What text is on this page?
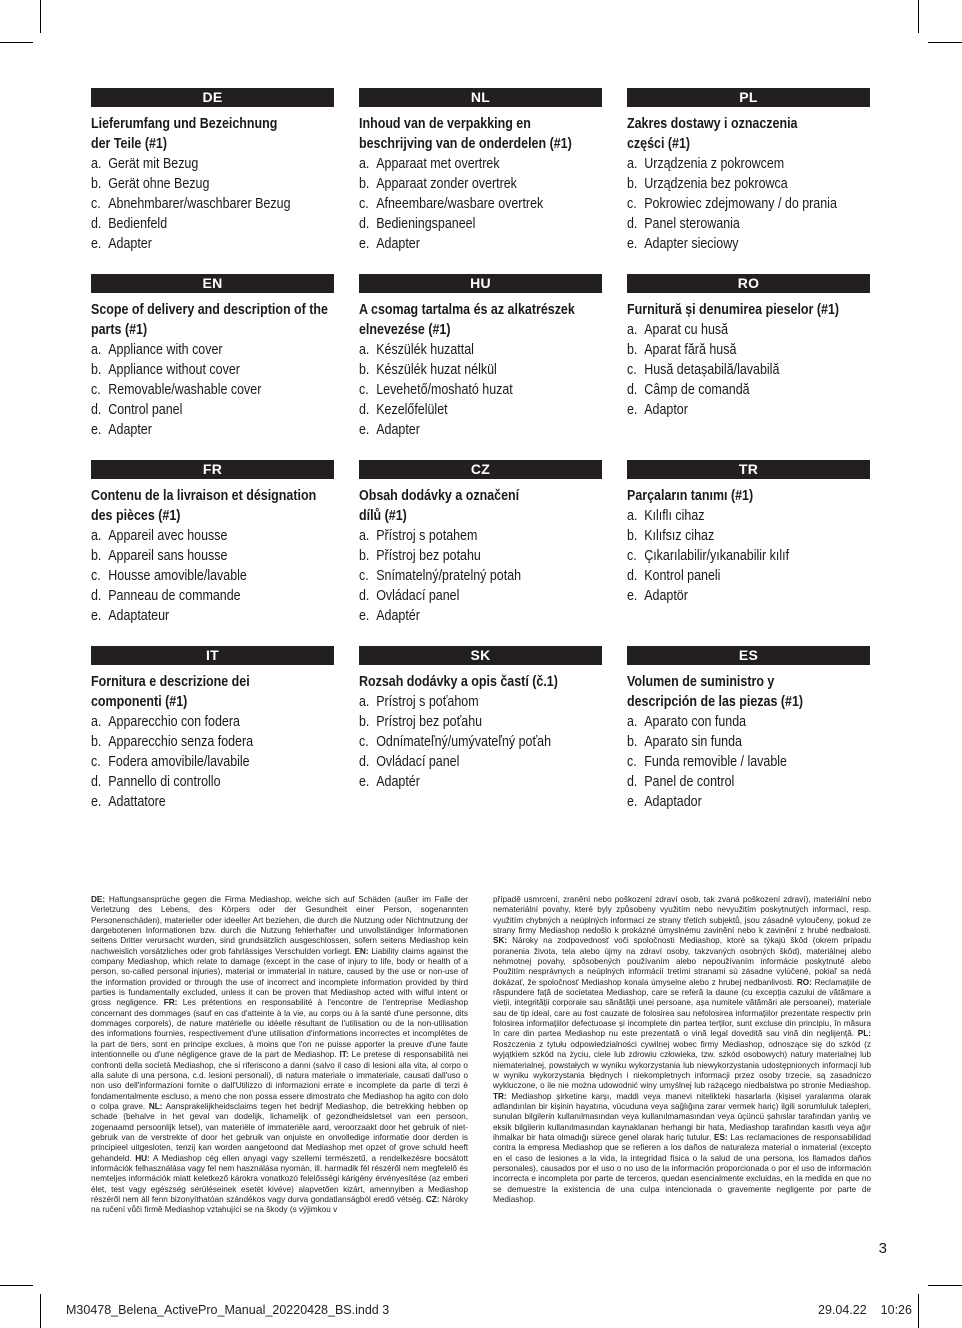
DE
Lieferumfang und Bezeichnung
der Teile (#1)
a. Gerät mit Bezug
b. Gerät ohne Bezug
c. Abnehmbarer/waschbarer Bezug
d. Bedienfeld
e. Adapter
NL
Inhoud van de verpakking en
beschrijving van de onderdelen (#1)
a. Apparaat met overtrek
b. Apparaat zonder overtrek
c. Afneembare/wasbare overtrek
d. Bedieningspaneel
e. Adapter
PL
Zakres dostawy i oznaczenia
części (#1)
a. Urządzenia z pokrowcem
b. Urządzenia bez pokrowca
c. Pokrowiec zdejmowany / do prania
d. Panel sterowania
e. Adapter sieciowy
EN
Scope of delivery and description of the
parts (#1)
a. Appliance with cover
b. Appliance without cover
c. Removable/washable cover
d. Control panel
e. Adapter
HU
A csomag tartalma és az alkatrészek
elnevezése (#1)
a. Készülék huzattal
b. Készülék huzat nélkül
c. Levehető/mosható huzat
d. Kezelőfelület
e. Adapter
RO
Furnitură și denumirea pieselor (#1)
a. Aparat cu husă
b. Aparat fără husă
c. Husă detașabilă/lavabilă
d. Câmp de comandă
e. Adaptor
FR
Contenu de la livraison et désignation
des pièces (#1)
a. Appareil avec housse
b. Appareil sans housse
c. Housse amovible/lavable
d. Panneau de commande
e. Adaptateur
CZ
Obsah dodávky a označení
dílů (#1)
a. Přístroj s potahem
b. Přístroj bez potahu
c. Snímatelný/pratelný potah
d. Ovládací panel
e. Adaptér
TR
Parçaların tanımı (#1)
a. Kılıflı cihaz
b. Kılıfsız cihaz
c. Çıkarılabilir/yıkanabilir kılıf
d. Kontrol paneli
e. Adaptör
IT
Fornitura e descrizione dei
componenti (#1)
a. Apparecchio con fodera
b. Apparecchio senza fodera
c. Fodera amovibile/lavabile
d. Pannello di controllo
e. Adattatore
SK
Rozsah dodávky a opis častí (č.1)
a. Prístroj s poťahom
b. Prístroj bez poťahu
c. Odnímateľný/umývateľný poťah
d. Ovládací panel
e. Adaptér
ES
Volumen de suministro y
descripción de las piezas (#1)
a. Aparato con funda
b. Aparato sin funda
c. Funda removible / lavable
d. Panel de control
e. Adaptador
DE: Haftungsansprüche gegen die Firma Mediashop, welche sich auf Schäden (außer im Falle der Verletzung des Lebens, des Körpers oder der Gesundheit einer Person, sogenannten Personenschäden), materieller oder ideeller Art beziehen, die durch die Nutzung oder Nichtnutzung der dargebotenen Informationen bzw. durch die Nutzung fehlerhafter und unvollständiger Informationen seitens Dritter verursacht wurden, sind grundsätzlich ausgeschlossen, sofern seitens Mediashop kein nachweislich vorsätzliches oder grob fahrlässiges Verschulden vorliegt. EN: Liability claims against the company Mediashop, which relate to damage (except in the case of injury to life, body or health of a person, so-called personal injuries), material or immaterial in nature, caused by the use or non-use of the information provided or through the use of incorrect and incomplete information provided by third parties is fundamentally excluded, unless it can be proven that Mediashop acted with wilful intent or gross negligence. FR: Les prétentions en responsabilité à l'encontre de l'entreprise Mediashop concernant des dommages (sauf en cas d'atteinte à la vie, au corps ou à la santé d'une personne, dits dommages corporels), de nature matérielle ou idéelle résultant de l'utilisation ou de la non-utilisation des informations fournies, respectivement d'une utilisation d'informations incorrectes et incomplètes de la part de tiers, sont en principe exclues, à moins que l'on ne puisse apporter la preuve d'une faute intentionnelle ou d'une négligence grave de la part de Mediashop. IT: Le pretese di responsabilità nei confronti della società Mediashop, che si riferiscono a danni (salvo il caso di lesioni alla vita, al corpo o alla salute di una persona, c.d. lesioni personali), di natura materiale o immateriale, causati dall'uso o non uso dell'informazioni fornite o dall'Utilizzo di informazioni errate e incomplete da parte di terzi è fondamentalmente escluso, a meno che non possa essere dimostrato che Mediashop ha agito con dolo o colpa grave. NL: Aansprakelijkheidsclaims tegen het bedrijf Mediashop, die betrekking hebben op schade (behalve in het geval van dodelijk, lichamelijk of gezondheidsletsel van een persoon, zogenaamd persoonlijk letsel), van materiële of immateriële aard, veroorzaakt door het gebruik of niet-gebruik van de verstrekte of door het gebruik van onjuiste en onvolledige informatie door derden is principieel uitgesloten, tenzij kan worden aangetoond dat Mediashop met opzet of grove schuld heeft gehandeld. HU: A Mediashop cég ellen anyagi vagy szellemi természetű, a rendelkezésre bocsátott információk felhasználása vagy fel nem használása nyomán, ill. harmadik fél részéről nem megfelelő és nemteljes információk miatt keletkező károkra vonatkozó felelősségi kárigény érvényesítése (az emberi élet, test vagy egészség sérüléseinek esetét kivéve) alapvetően kizárt, amennyiben a Mediashop részéről nem áll fenn bizonyíthatóan szándékos vagy durva gondatlanságból eredő vétség. CZ: Nároky na ručení vůči firmě Mediashop vztahující se na škody (s výjimkou v
případě usmrcení, zranění nebo poškození zdraví osob, tak zvaná poškození zdraví), materiální nebo nemateriální povahy, které byly způsobeny využitím nebo nevyužitím poskytnutých informací, resp. využitím chybných a neúplných informací ze strany třetích subjektů, jsou zásadně vyloučeny, pokud ze strany firmy Mediashop nedošlo k prokázné úmyslnému zavinění nebo k zavinění z hrubé nedbalosti. SK: Nároky na zodpovednosť voči spoločnosti Mediashop, ktoré sa týkajú škôd (okrem prípadu poranenia života, tela alebo újmy na zdraví osoby, takzvaných osobných škôd), materiálnej alebo nehmotnej povahy, spôsobených používaním alebo nepoužívaním informácie poskytnuté alebo Použitím nesprávnych a neúplných informácií tretími stranami sú zásadne vylúčené, pokiaľ sa nedá dokázať, že spoločnosť Mediashop konala úmyselne alebo z hrubej nedbanlivosti. RO: Reclamațiile de răspundere față de societatea Mediashop, care se referă la daune (cu excepția cazului de vătămare a vieții, integrității corporale sau sănătății unei persoane, așa numitele vătămări ale persoanei), materiale sau de tip ideal, care au fost cauzate de folosirea sau nefolosirea informațiilor prezentate respectiv prin folosirea informațiilor defectuoase și incomplete din partea terților, sunt excluse din principiu, în măsura în care din partea Mediashop nu este prezentată o vină legal dovedită sau vină din neglijență. PL: Roszczenia z tytułu odpowiedzialności cywilnej wobec firmy Mediashop, odnoszące się do szkód (z wyjątkiem szkód na życiu, ciele lub zdrowiu człowieka, tzw. szkód osobowych) natury materialnej lub niematerialnej, powstałych w wyniku wykorzystania lub niewykorzystania udostępnionych informacji lub w wyniku wykorzystania błędnych i niekompletnych informacji przez osoby trzecie, są zasadniczo wykluczone, o ile nie można udowodnić winy umyślnej lub rażącego niedbalstwa po stronie Mediashop. TR: Mediashop şirketine karşı, maddi veya manevi nitelikteki hasarlarla (kişisel yaralanma olarak adlandırılan bir kişinin hayatına, vücuduna veya sağlığına zarar vermek hariç) ilgili sorumluluk talepleri, sunulan bilgilerin kullanılmasından veya kullanılmamasından veya üçüncü şahıslar tarafından yanlış ve eksik bilgilerin kullanılmasından kaynaklanan herhangi bir hata, Mediashop tarafından kasıtlı veya ağır ihmalkar bir hata olmadığı sürece genel olarak hariç tutulur. ES: Las reclamaciones de responsabilidad contra la empresa Mediashop que se refieren a los daños de naturaleza material o inmaterial (excepto en el caso de lesiones a la vida, la integridad física o la salud de una persona, los llamados daños personales), causados por el uso o no uso de la información proporcionada o por el uso de información incorrecta e incompleta por parte de terceros, quedan esencialmente excluidas, en la medida en que no se demuestre la existencia de una culpa intencionada o gravemente negligente por parte de Mediashop.
3
M30478_Belena_ActivePro_Manual_20220428_BS.indd 3	29.04.22 10:26
